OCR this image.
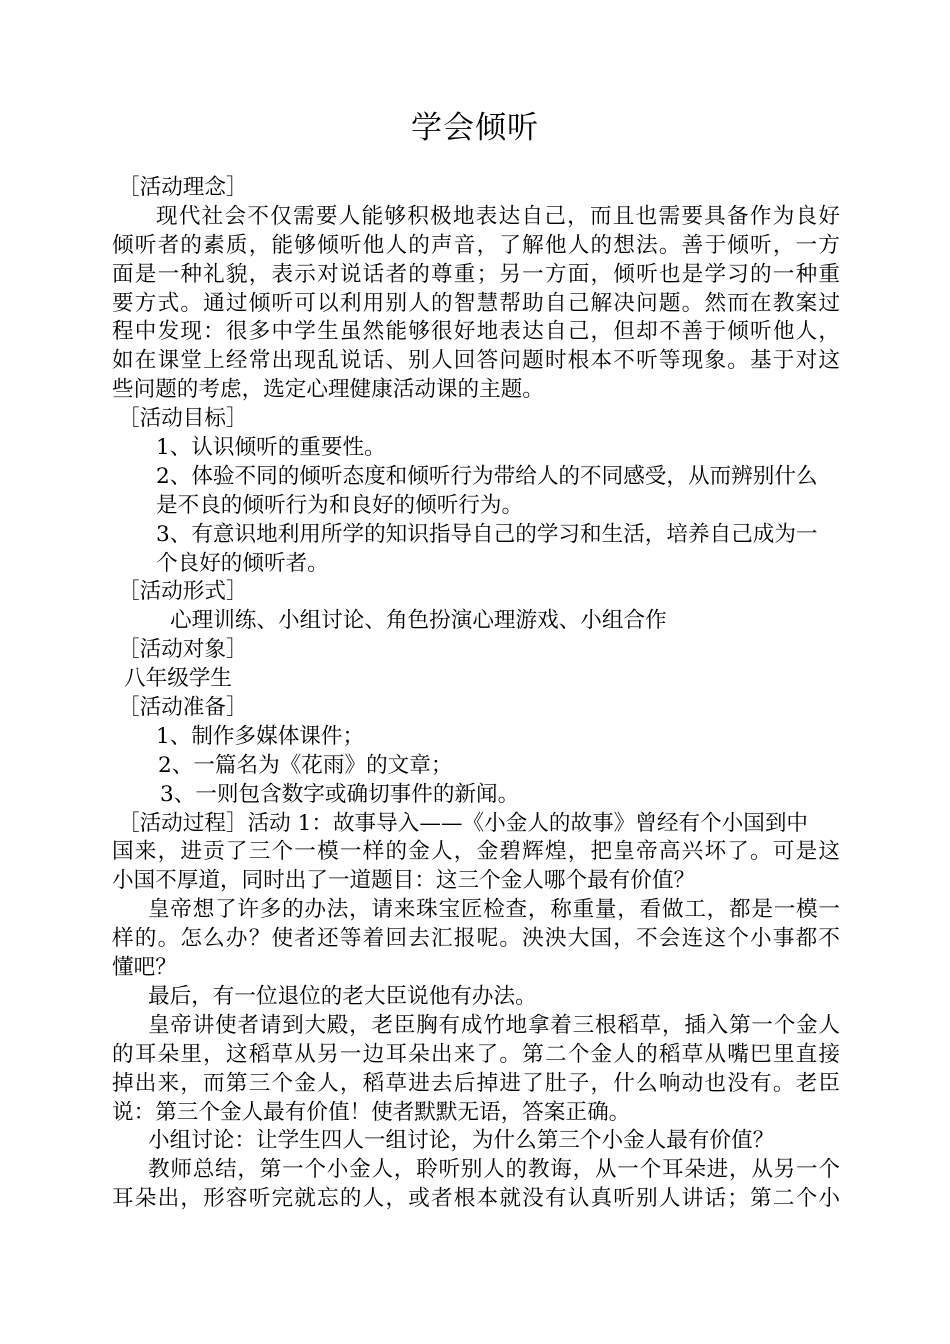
学会倾听
［活动理念］
现代社会不仅需要人能够积极地表达自己，而且也需要具备作为良好
倾听者的素质，能够倾听他人的声音，了解他人的想法。善于倾听，一方
面是一种礼貌，表示对说话者的尊重；另一方面，倾听也是学习的一种重
要方式。通过倾听可以利用别人的智慧帮助自己解决问题。然而在教案过
程中发现：很多中学生虽然能够很好地表达自己，但却不善于倾听他人，
如在课堂上经常出现乱说话、别人回答问题时根本不听等现象。基于对这
些问题的考虑，选定心理健康活动课的主题。
［活动目标］
1、认识倾听的重要性。
2、体验不同的倾听态度和倾听行为带给人的不同感受，从而辨别什么
是不良的倾听行为和良好的倾听行为。
3、有意识地利用所学的知识指导自己的学习和生活，培养自己成为一
个良好的倾听者。
［活动形式］
心理训练、小组讨论、角色扮演心理游戏、小组合作
［活动对象］
八年级学生
［活动准备］
1、制作多媒体课件；
2、一篇名为《花雨》的文章；
3、一则包含数字或确切事件的新闻。
［活动过程］活动 1：故事导入——《小金人的故事》曾经有个小国到中
国来，进贡了三个一模一样的金人，金碧辉煌，把皇帝高兴坏了。可是这
小国不厚道，同时出了一道题目：这三个金人哪个最有价值？
皇帝想了许多的办法，请来珠宝匠检查，称重量，看做工，都是一模一
样的。怎么办？使者还等着回去汇报呢。泱泱大国，不会连这个小事都不
懂吧？
最后，有一位退位的老大臣说他有办法。
皇帝讲使者请到大殿，老臣胸有成竹地拿着三根稻草，插入第一个金人
的耳朵里，这稻草从另一边耳朵出来了。第二个金人的稻草从嘴巴里直接
掉出来，而第三个金人，稻草进去后掉进了肚子，什么响动也没有。老臣
说：第三个金人最有价值！使者默默无语，答案正确。
小组讨论：让学生四人一组讨论，为什么第三个小金人最有价值？
教师总结，第一个小金人，聆听别人的教诲，从一个耳朵进，从另一个
耳朵出，形容听完就忘的人，或者根本就没有认真听别人讲话；第二个小
